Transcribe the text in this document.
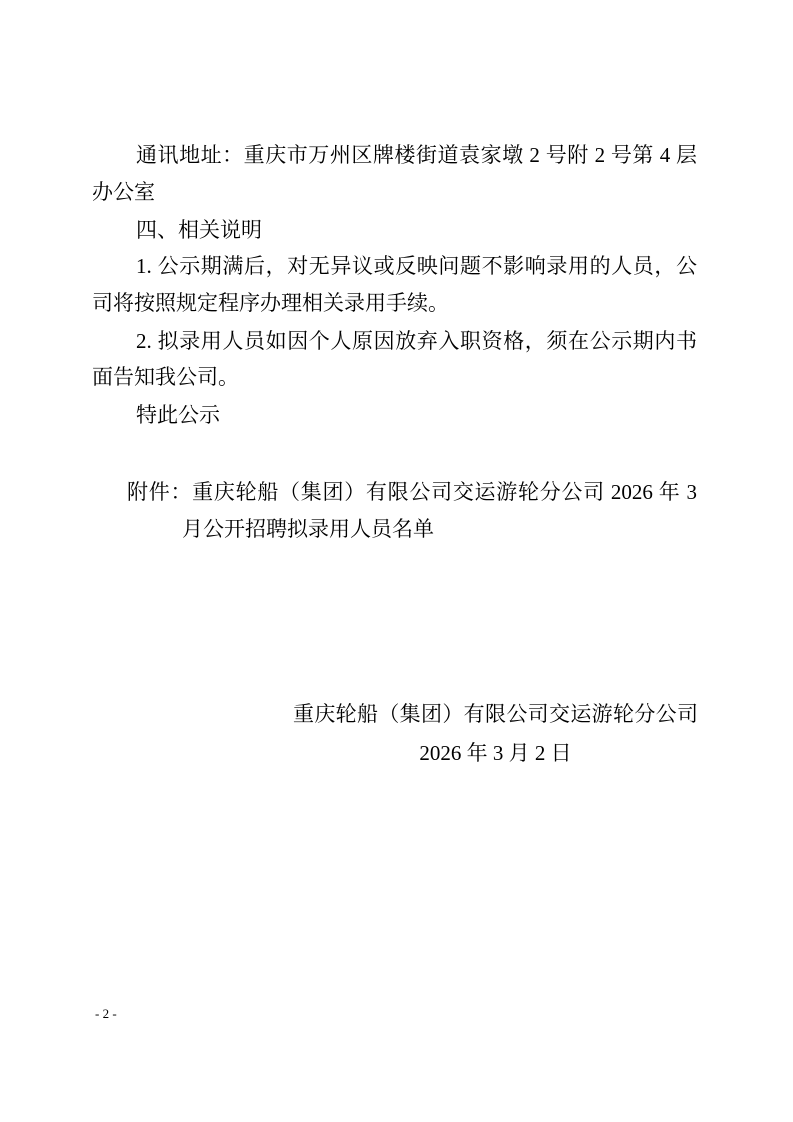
通讯地址：重庆市万州区牌楼街道袁家墩 2 号附 2 号第 4 层
办公室
四、相关说明
1. 公示期满后，对无异议或反映问题不影响录用的人员，公
司将按照规定程序办理相关录用手续。
2. 拟录用人员如因个人原因放弃入职资格，须在公示期内书
面告知我公司。
特此公示
附件：重庆轮船（集团）有限公司交运游轮分公司 2026 年 3
月公开招聘拟录用人员名单
重庆轮船（集团）有限公司交运游轮分公司
2026 年 3 月 2 日
- 2 -
